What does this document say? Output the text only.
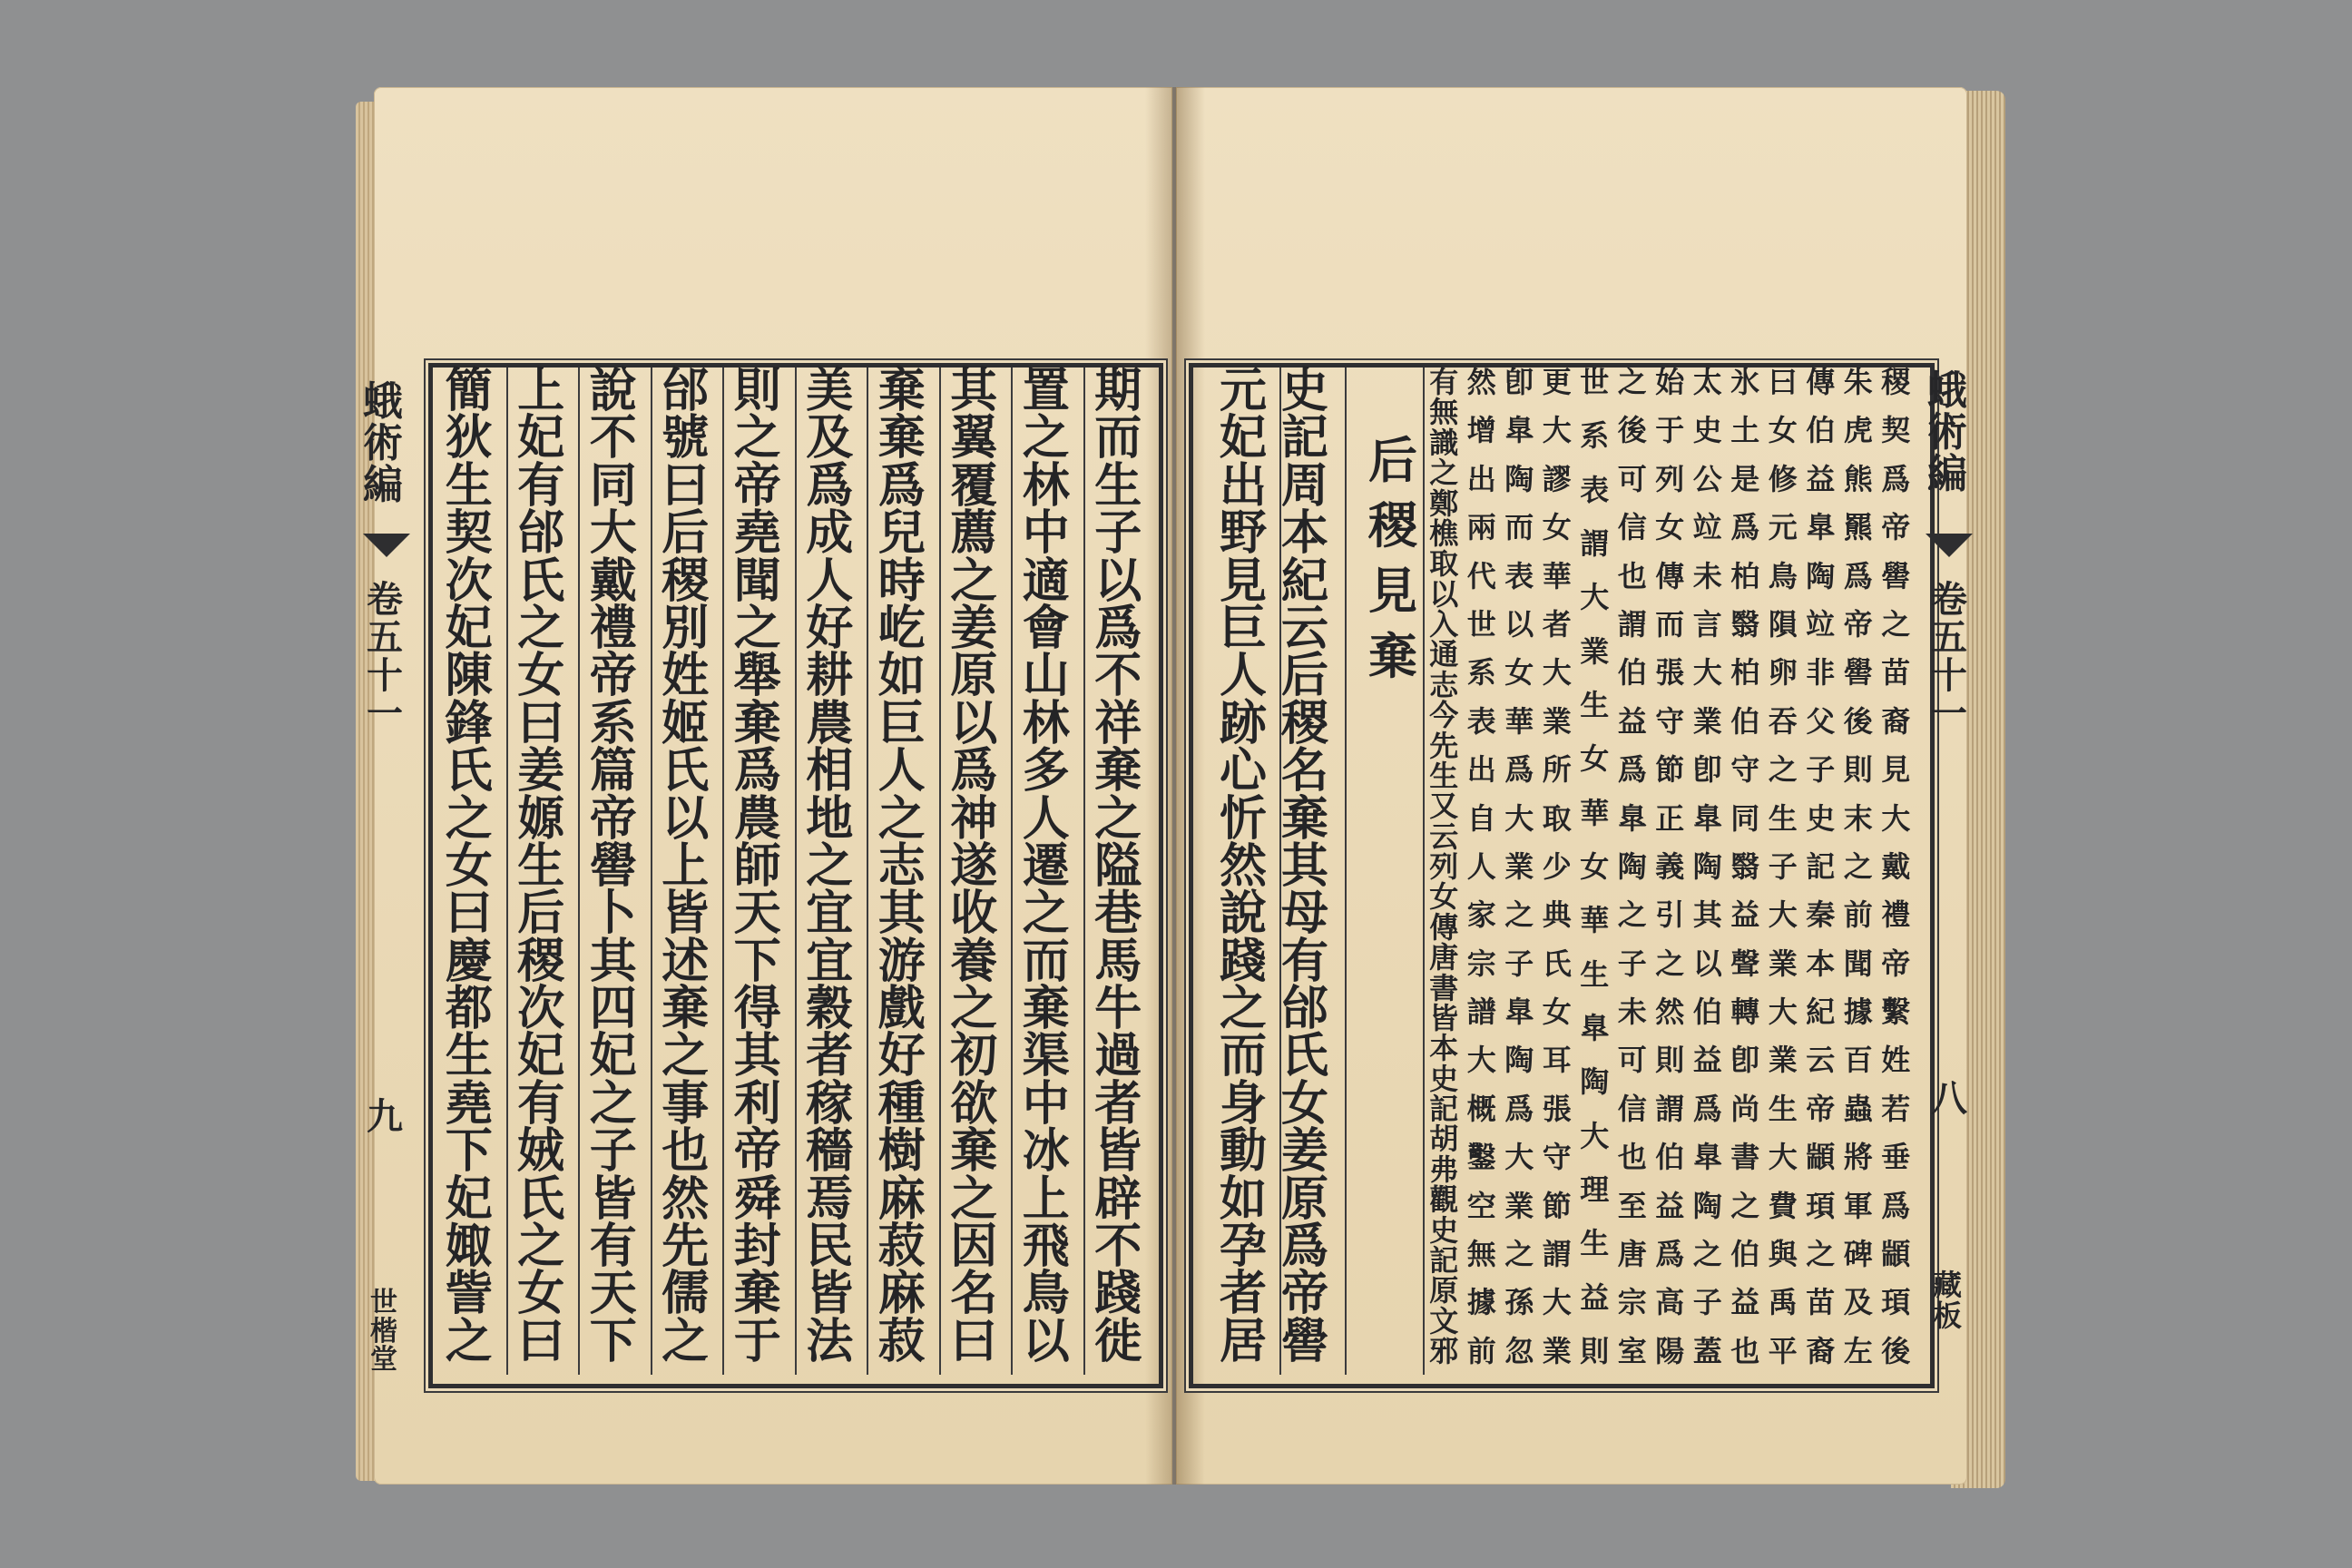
期
而
生
子
以
爲
不
祥
棄
之
隘
巷
馬
牛
過
者
皆
辟
不
踐
徙
置
之
林
中
適
會
山
林
多
人
遷
之
而
棄
渠
中
冰
上
飛
鳥
以
其
翼
覆
薦
之
姜
原
以
爲
神
遂
收
養
之
初
欲
棄
之
因
名
曰
棄
棄
爲
兒
時
屹
如
巨
人
之
志
其
游
戲
好
種
樹
麻
菽
麻
菽
美
及
爲
成
人
好
耕
農
相
地
之
宜
宜
穀
者
稼
穡
焉
民
皆
法
則
之
帝
堯
聞
之
舉
棄
爲
農
師
天
下
得
其
利
帝
舜
封
棄
于
邰
號
曰
后
稷
別
姓
姬
氏
以
上
皆
述
棄
之
事
也
然
先
儒
之
說
不
同
大
戴
禮
帝
系
篇
帝
嚳
卜
其
四
妃
之
子
皆
有
天
下
上
妃
有
邰
氏
之
女
曰
姜
嫄
生
后
稷
次
妃
有
娀
氏
之
女
曰
簡
狄
生
契
次
妃
陳
鋒
氏
之
女
曰
慶
都
生
堯
下
妃
娵
訾
之
史
記
周
本
紀
云
后
稷
名
棄
其
母
有
邰
氏
女
姜
原
爲
帝
嚳
元
妃
出
野
見
巨
人
跡
心
忻
然
說
踐
之
而
身
動
如
孕
者
居
后
稷
見
棄
稷
契
爲
帝
嚳
之
苗
裔
見
大
戴
禮
帝
繫
姓
若
垂
爲
顓
頊
後
朱
虎
熊
羆
爲
帝
嚳
後
則
末
之
前
聞
據
百
蟲
將
軍
碑
及
左
傳
伯
益
臯
陶
竝
非
父
子
史
記
秦
本
紀
云
帝
顓
頊
之
苗
裔
曰
女
修
元
鳥
隕
卵
吞
之
生
子
大
業
大
業
生
大
費
與
禹
平
氷
土
是
爲
柏
翳
柏
伯
守
同
翳
益
聲
轉
卽
尚
書
之
伯
益
也
太
史
公
竝
未
言
大
業
卽
臯
陶
其
以
伯
益
爲
臯
陶
之
子
蓋
始
于
列
女
傳
而
張
守
節
正
義
引
之
然
則
謂
伯
益
爲
高
陽
之
後
可
信
也
謂
伯
益
爲
臯
陶
之
子
未
可
信
也
至
唐
宗
室
世
系
表
謂
大
業
生
女
華
女
華
生
臯
陶
大
理
生
益
則
更
大
謬
女
華
者
大
業
所
取
少
典
氏
女
耳
張
守
節
謂
大
業
卽
臯
陶
而
表
以
女
華
爲
大
業
之
子
臯
陶
爲
大
業
之
孫
忽
然
增
出
兩
代
世
系
表
出
自
人
家
宗
譜
大
概
鑿
空
無
據
前
有
無
識
之
鄭
樵
取
以
入
通
志
今
先
生
又
云
列
女
傳
唐
書
皆
本
史
記
胡
弗
觀
史
記
原
文
邪
蛾
術
編
卷
五
十
一
九
世
楷
堂
蛾
術
編
卷
五
十
一
八
藏
板
